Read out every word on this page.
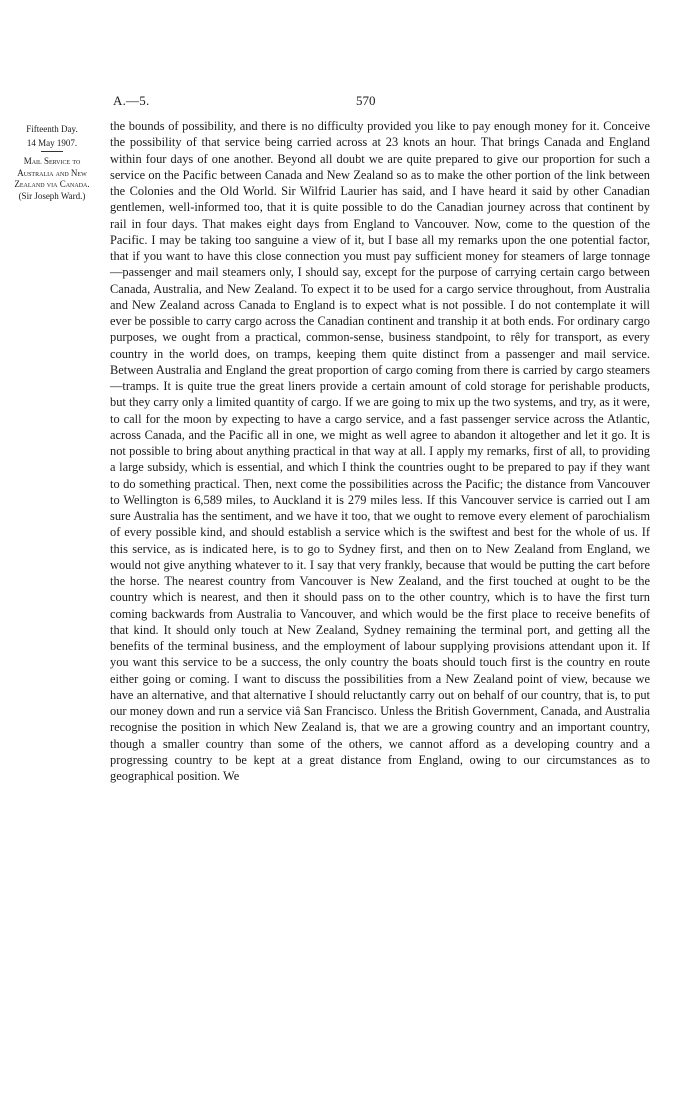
A.—5.	570
Fifteenth Day.
14 May 1907.
Mail Service to Australia and New Zealand via Canada.
(Sir Joseph Ward.)

the bounds of possibility, and there is no difficulty provided you like to pay enough money for it. Conceive the possibility of that service being carried across at 23 knots an hour. That brings Canada and England within four days of one another. Beyond all doubt we are quite prepared to give our proportion for such a service on the Pacific between Canada and New Zealand so as to make the other portion of the link between the Colonies and the Old World. Sir Wilfrid Laurier has said, and I have heard it said by other Canadian gentlemen, well-informed too, that it is quite possible to do the Canadian journey across that continent by rail in four days. That makes eight days from England to Vancouver. Now, come to the question of the Pacific. I may be taking too sanguine a view of it, but I base all my remarks upon the one potential factor, that if you want to have this close connection you must pay sufficient money for steamers of large tonnage—passenger and mail steamers only, I should say, except for the purpose of carrying certain cargo between Canada, Australia, and New Zealand. To expect it to be used for a cargo service throughout, from Australia and New Zealand across Canada to England is to expect what is not possible. I do not contemplate it will ever be possible to carry cargo across the Canadian continent and tranship it at both ends. For ordinary cargo purposes, we ought from a practical, common-sense, business standpoint, to rêly for transport, as every country in the world does, on tramps, keeping them quite distinct from a passenger and mail service. Between Australia and England the great proportion of cargo coming from there is carried by cargo steamers—tramps. It is quite true the great liners provide a certain amount of cold storage for perishable products, but they carry only a limited quantity of cargo. If we are going to mix up the two systems, and try, as it were, to call for the moon by expecting to have a cargo service, and a fast passenger service across the Atlantic, across Canada, and the Pacific all in one, we might as well agree to abandon it altogether and let it go. It is not possible to bring about anything practical in that way at all. I apply my remarks, first of all, to providing a large subsidy, which is essential, and which I think the countries ought to be prepared to pay if they want to do something practical. Then, next come the possibilities across the Pacific; the distance from Vancouver to Wellington is 6,589 miles, to Auckland it is 279 miles less. If this Vancouver service is carried out I am sure Australia has the sentiment, and we have it too, that we ought to remove every element of parochialism of every possible kind, and should establish a service which is the swiftest and best for the whole of us. If this service, as is indicated here, is to go to Sydney first, and then on to New Zealand from England, we would not give anything whatever to it. I say that very frankly, because that would be putting the cart before the horse. The nearest country from Vancouver is New Zealand, and the first touched at ought to be the country which is nearest, and then it should pass on to the other country, which is to have the first turn coming backwards from Australia to Vancouver, and which would be the first place to receive benefits of that kind. It should only touch at New Zealand, Sydney remaining the terminal port, and getting all the benefits of the terminal business, and the employment of labour supplying provisions attendant upon it. If you want this service to be a success, the only country the boats should touch first is the country en route either going or coming. I want to discuss the possibilities from a New Zealand point of view, because we have an alternative, and that alternative I should reluctantly carry out on behalf of our country, that is, to put our money down and run a service viâ San Francisco. Unless the British Government, Canada, and Australia recognise the position in which New Zealand is, that we are a growing country and an important country, though a smaller country than some of the others, we cannot afford as a developing country and a progressing country to be kept at a great distance from England, owing to our circumstances as to geographical position. We
